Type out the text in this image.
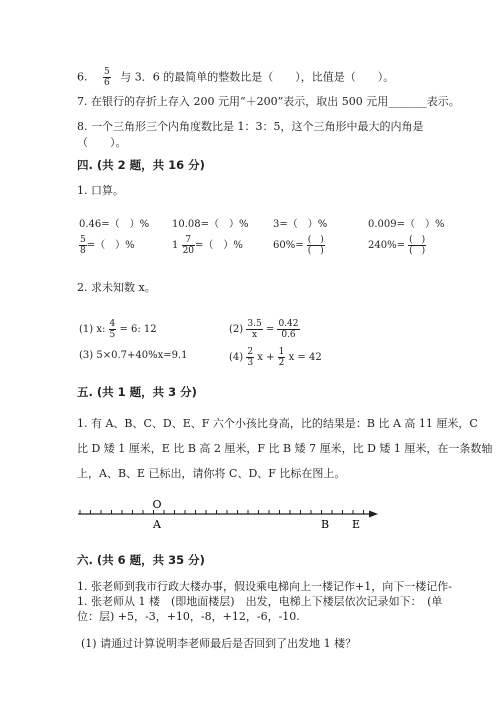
6. $\frac{5}{6}$ 与 3．6 的最简单的整数比是（　　），比值是（　　）。
7. 在银行的存折上存入 200 元用“＋200”表示，取出 500 元用_______表示。
8. 一个三角形三个内角度数比是 1：3：5，这个三角形中最大的内角是
（　　）。
四. (共 2 题，共 16 分)
1. 口算。
0.46=（　）% 10.08=（　）% 3=（　）%	0.009=（　）%
$\frac{5}{8}$ =（　）%	$1 \frac{7}{20}$ =（　）%	$60\%= \frac{( )}{( )}$	$240\%= \frac{( )}{( )}$
2. 求未知数 x。
(1) x: $\frac{4}{5} = 6$: 12	$(2) \frac{3.5}{x} = \frac{0.42}{0.6}$
(3) 5×0.7+40%x=9.1	$(4) \frac{2}{3}$ $x + \frac{1}{2}$ x = 42
五. (共 1 题，共 3 分)
1. 有 A、B、C、D、E、F 六个小孩比身高，比的结果是：B 比 A 高 11 厘米，C
比 D 矮 1 厘米，E 比 B 高 2 厘米，F 比 B 矮 7 厘米，比 D 矮 1 厘米，在一条数轴
上，A、B、E 已标出，请你将 C、D、F 比标在图上。
O
A	B E
六. (共 6 题，共 35 分)
1. 张老师到我市行政大楼办事，假设乘电梯向上一楼记作+1，向下一楼记作-
1. 张老师从 1 楼　(即地面楼层)　出发，电梯上下楼层依次记录如下：　(单
位：层) +5，-3，+10，-8，+12，-6，-10.
(1) 请通过计算说明李老师最后是否回到了出发地 1 楼？
